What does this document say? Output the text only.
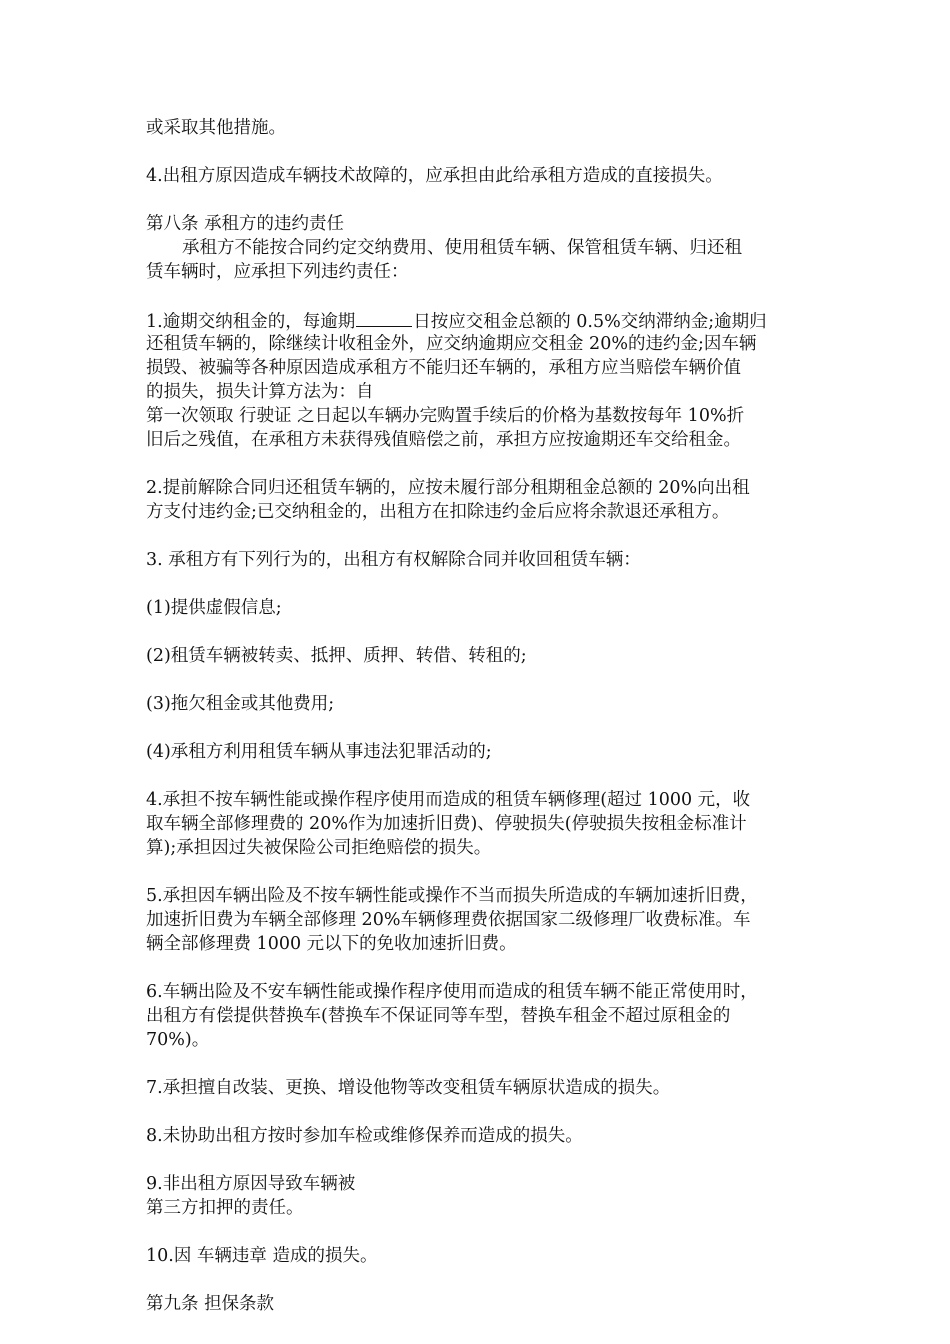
或采取其他措施。
4.出租方原因造成车辆技术故障的，应承担由此给承租方造成的直接损失。
第八条 承租方的违约责任
承租方不能按合同约定交纳费用、使用租赁车辆、保管租赁车辆、归还租
赁车辆时，应承担下列违约责任：
1.逾期交纳租金的，每逾期	日按应交租金总额的 0.5%交纳滞纳金;逾期归
还租赁车辆的，除继续计收租金外，应交纳逾期应交租金 20%的违约金;因车辆
损毁、被骗等各种原因造成承租方不能归还车辆的，承租方应当赔偿车辆价值
的损失，损失计算方法为：自
第一次领取 行驶证 之日起以车辆办完购置手续后的价格为基数按每年 10%折
旧后之残值，在承租方未获得残值赔偿之前，承担方应按逾期还车交给租金。
2.提前解除合同归还租赁车辆的，应按未履行部分租期租金总额的 20%向出租
方支付违约金;已交纳租金的，出租方在扣除违约金后应将余款退还承租方。
3. 承租方有下列行为的，出租方有权解除合同并收回租赁车辆：
(1)提供虚假信息;
(2)租赁车辆被转卖、抵押、质押、转借、转租的;
(3)拖欠租金或其他费用;
(4)承租方利用租赁车辆从事违法犯罪活动的;
4.承担不按车辆性能或操作程序使用而造成的租赁车辆修理(超过 1000 元，收
取车辆全部修理费的 20%作为加速折旧费)、停驶损失(停驶损失按租金标准计
算);承担因过失被保险公司拒绝赔偿的损失。
5.承担因车辆出险及不按车辆性能或操作不当而损失所造成的车辆加速折旧费，
加速折旧费为车辆全部修理 20%车辆修理费依据国家二级修理厂收费标准。车
辆全部修理费 1000 元以下的免收加速折旧费。
6.车辆出险及不安车辆性能或操作程序使用而造成的租赁车辆不能正常使用时，
出租方有偿提供替换车(替换车不保证同等车型，替换车租金不超过原租金的
70%)。
7.承担擅自改装、更换、增设他物等改变租赁车辆原状造成的损失。
8.未协助出租方按时参加车检或维修保养而造成的损失。
9.非出租方原因导致车辆被
第三方扣押的责任。
10.因 车辆违章 造成的损失。
第九条 担保条款
